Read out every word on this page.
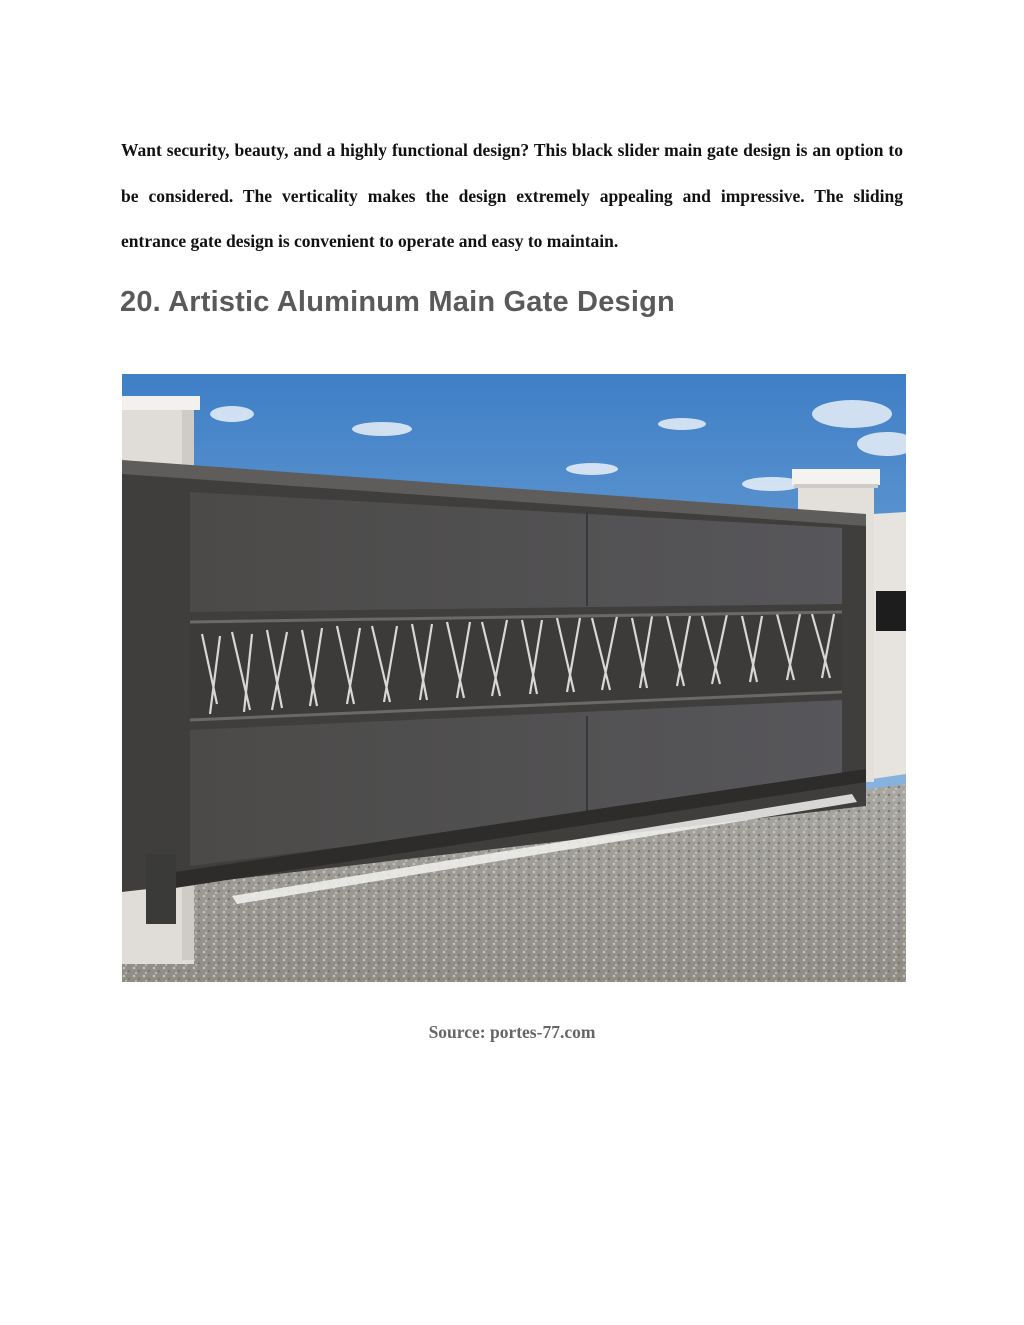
Want security, beauty, and a highly functional design? This black slider main gate design is an option to be considered. The verticality makes the design extremely appealing and impressive. The sliding entrance gate design is convenient to operate and easy to maintain.

20. Artistic Aluminum Main Gate Design

Source: portes-77.com
